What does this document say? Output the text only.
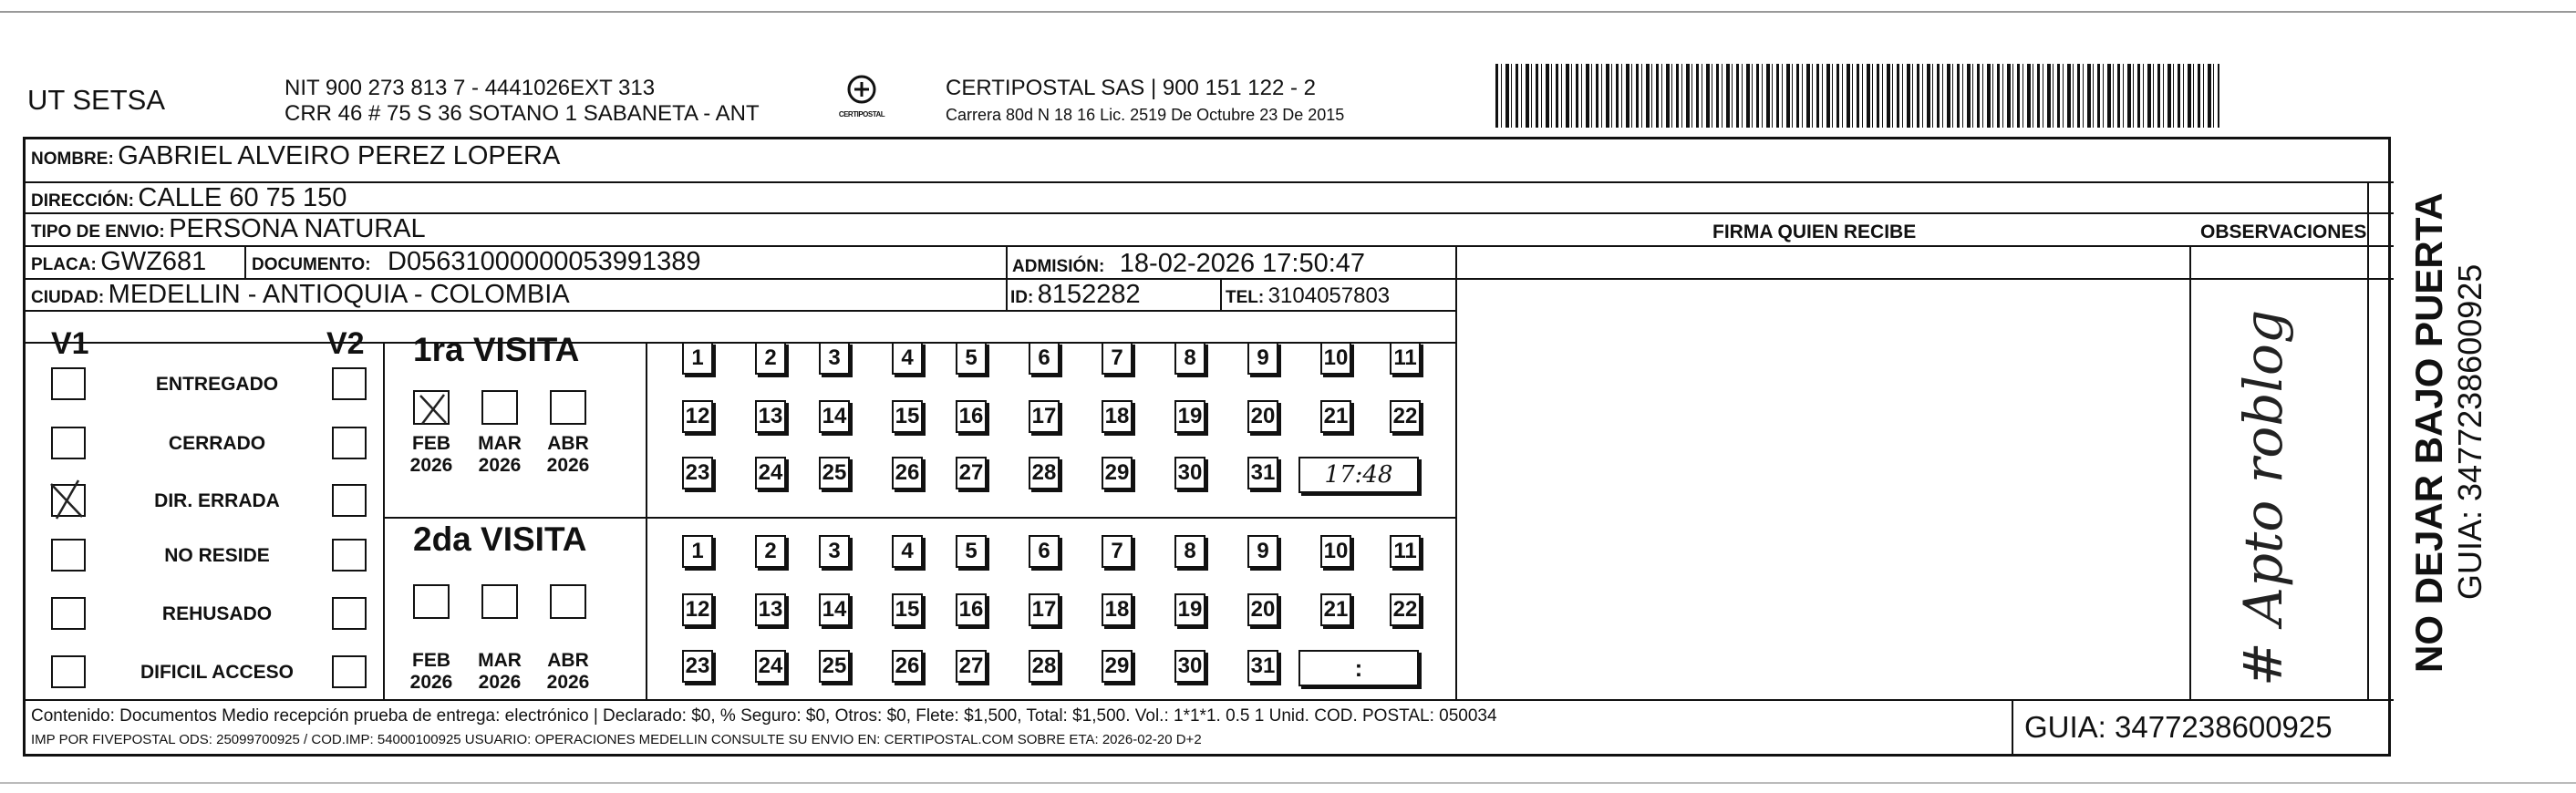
UT SETSA	NIT 900 273 813 7 - 4441026EXT 313
CRR 46 # 75 S 36 SOTANO 1 SABANETA - ANT	CERTIPOSTAL
CERTIPOSTAL SAS | 900 151 122 - 2
Carrera 80d N 18 16 Lic. 2519 De Octubre 23 De 2015
NOMBRE: GABRIEL ALVEIRO PEREZ LOPERA
DIRECCIÓN: CALLE 60 75 150
TIPO DE ENVIO: PERSONA NATURAL	FIRMA QUIEN RECIBE	OBSERVACIONES
PLACA: GWZ681	DOCUMENTO: D05631000000053991389	ADMISIÓN: 18-02-2026 17:50:47
CIUDAD: MEDELLIN - ANTIOQUIA - COLOMBIA	ID: 8152282	TEL: 3104057803
V1	V2
ENTREGADO
CERRADO
DIR. ERRADA
NO RESIDE
REHUSADO
DIFICIL ACCESO
1ra VISITA
FEB
2026
MAR
2026
ABR
2026
1	2	3	4	5	6	7	8	9	10 11
12 13 14 15 16 17 18 19 20 21 22
23 24 25 26 27 28 29 30 31	17:48
2da VISITA
FEB
2026
MAR
2026
ABR
2026
1	2	3	4	5	6	7	8	9	10 11
12 13 14 15 16 17 18 19 20 21 22
23 24 25 26 27 28 29 30 31	:	# Apto roblog
Contenido: Documentos Medio recepción prueba de entrega: electrónico | Declarado: $0, % Seguro: $0, Otros: $0, Flete: $1,500, Total: $1,500. Vol.: 1*1*1. 0.5 1 Unid. COD. POSTAL: 050034
IMP POR FIVEPOSTAL ODS: 25099700925 / COD.IMP: 54000100925 USUARIO: OPERACIONES MEDELLIN CONSULTE SU ENVIO EN: CERTIPOSTAL.COM SOBRE ETA: 2026-02-20 D+2	GUIA: 3477238600925
NO DEJAR BAJO PUERTA GUIA: 3477238600925
